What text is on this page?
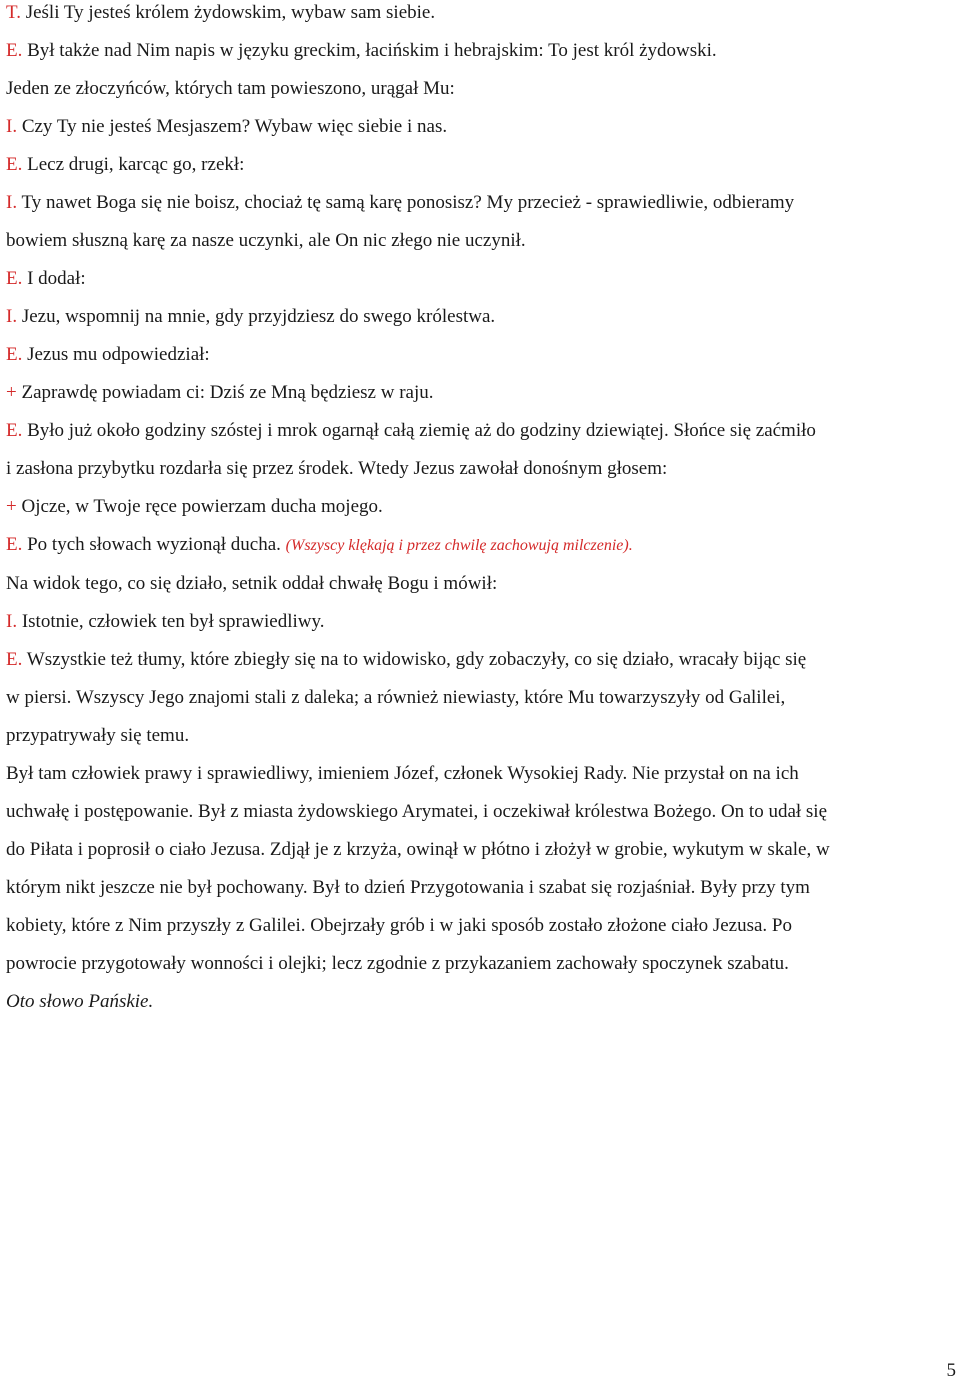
T. Jeśli Ty jesteś królem żydowskim, wybaw sam siebie.

E. Był także nad Nim napis w języku greckim, łacińskim i hebrajskim: To jest król żydowski.

Jeden ze złoczyńców, których tam powieszono, urągał Mu:

I. Czy Ty nie jesteś Mesjaszem? Wybaw więc siebie i nas.

E. Lecz drugi, karcąc go, rzekł:

I. Ty nawet Boga się nie boisz, chociaż tę samą karę ponosisz? My przecież - sprawiedliwie, odbieramy

bowiem słuszną karę za nasze uczynki, ale On nic złego nie uczynił.

E. I dodał:

I. Jezu, wspomnij na mnie, gdy przyjdziesz do swego królestwa.

E. Jezus mu odpowiedział:

+ Zaprawdę powiadam ci: Dziś ze Mną będziesz w raju.

E. Było już około godziny szóstej i mrok ogarnął całą ziemię aż do godziny dziewiątej. Słońce się zaćmiło

i zasłona przybytku rozdarła się przez środek. Wtedy Jezus zawołał donośnym głosem:

+ Ojcze, w Twoje ręce powierzam ducha mojego.

E. Po tych słowach wyzionął ducha. (Wszyscy klękają i przez chwilę zachowują milczenie).

Na widok tego, co się działo, setnik oddał chwałę Bogu i mówił:

I. Istotnie, człowiek ten był sprawiedliwy.

E. Wszystkie też tłumy, które zbiegły się na to widowisko, gdy zobaczyły, co się działo, wracały bijąc się

w piersi. Wszyscy Jego znajomi stali z daleka; a również niewiasty, które Mu towarzyszyły od Galilei,

przypatrywały się temu.

Był tam człowiek prawy i sprawiedliwy, imieniem Józef, członek Wysokiej Rady. Nie przystał on na ich

uchwałę i postępowanie. Był z miasta żydowskiego Arymatei, i oczekiwał królestwa Bożego. On to udał się

do Piłata i poprosił o ciało Jezusa. Zdjął je z krzyża, owinął w płótno i złożył w grobie, wykutym w skale, w

którym nikt jeszcze nie był pochowany. Był to dzień Przygotowania i szabat się rozjaśniał. Były przy tym

kobiety, które z Nim przyszły z Galilei. Obejrzały grób i w jaki sposób zostało złożone ciało Jezusa. Po

powrocie przygotowały wonności i olejki; lecz zgodnie z przykazaniem zachowały spoczynek szabatu.

Oto słowo Pańskie.

5
